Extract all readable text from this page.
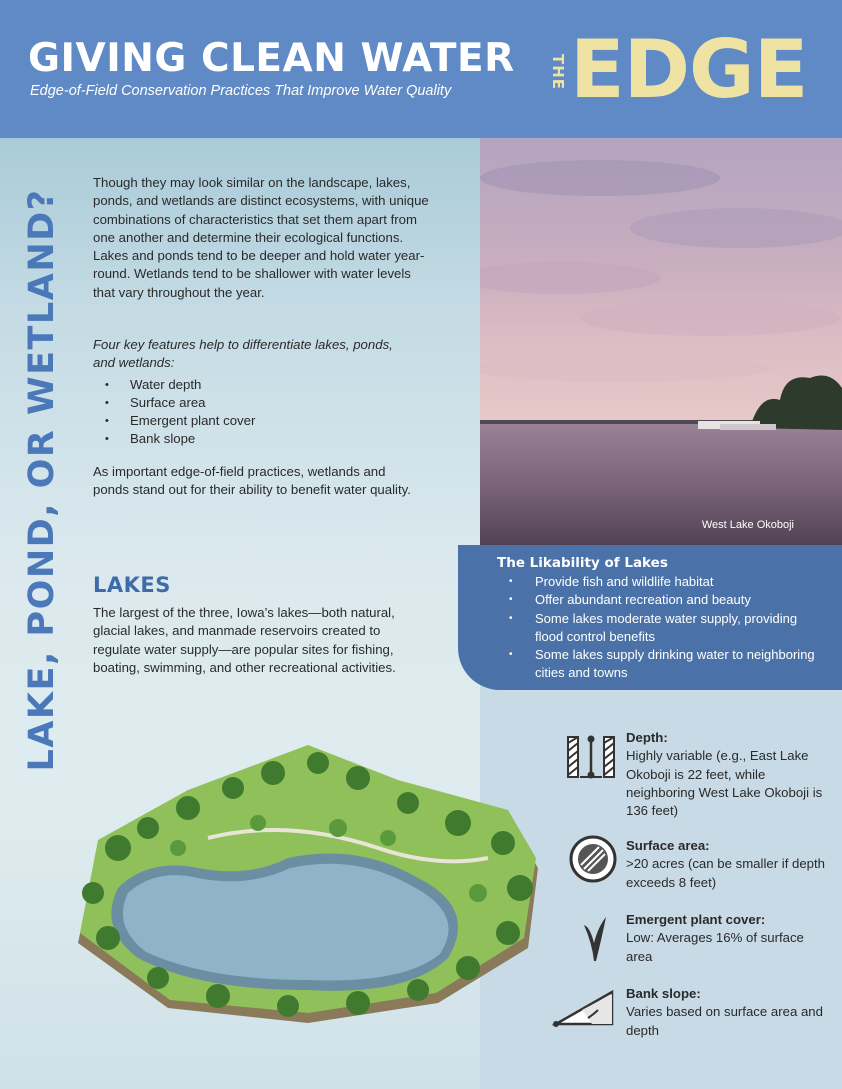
GIVING CLEAN WATER
Edge-of-Field Conservation Practices That Improve Water Quality
THE EDGE
LAKE, POND, OR WETLAND?
Though they may look similar on the landscape, lakes, ponds, and wetlands are distinct ecosystems, with unique combinations of characteristics that set them apart from one another and determine their ecological functions. Lakes and ponds tend to be deeper and hold water year-round. Wetlands tend to be shallower with water levels that vary throughout the year.
Four key features help to differentiate lakes, ponds, and wetlands:
• Water depth
• Surface area
• Emergent plant cover
• Bank slope
As important edge-of-field practices, wetlands and ponds stand out for their ability to benefit water quality.
LAKES
The largest of the three, Iowa’s lakes—both natural, glacial lakes, and manmade reservoirs created to regulate water supply—are popular sites for fishing, boating, swimming, and other recreational activities.
West Lake Okoboji
The Likability of Lakes
• Provide fish and wildlife habitat
• Offer abundant recreation and beauty
• Some lakes moderate water supply, providing flood control benefits
• Some lakes supply drinking water to neighboring cities and towns
Depth:
Highly variable (e.g., East Lake Okoboji is 22 feet, while neighboring West Lake Okoboji is 136 feet)
Surface area:
>20 acres (can be smaller if depth exceeds 8 feet)
Emergent plant cover:
Low: Averages 16% of surface area
Bank slope:
Varies based on surface area and depth
